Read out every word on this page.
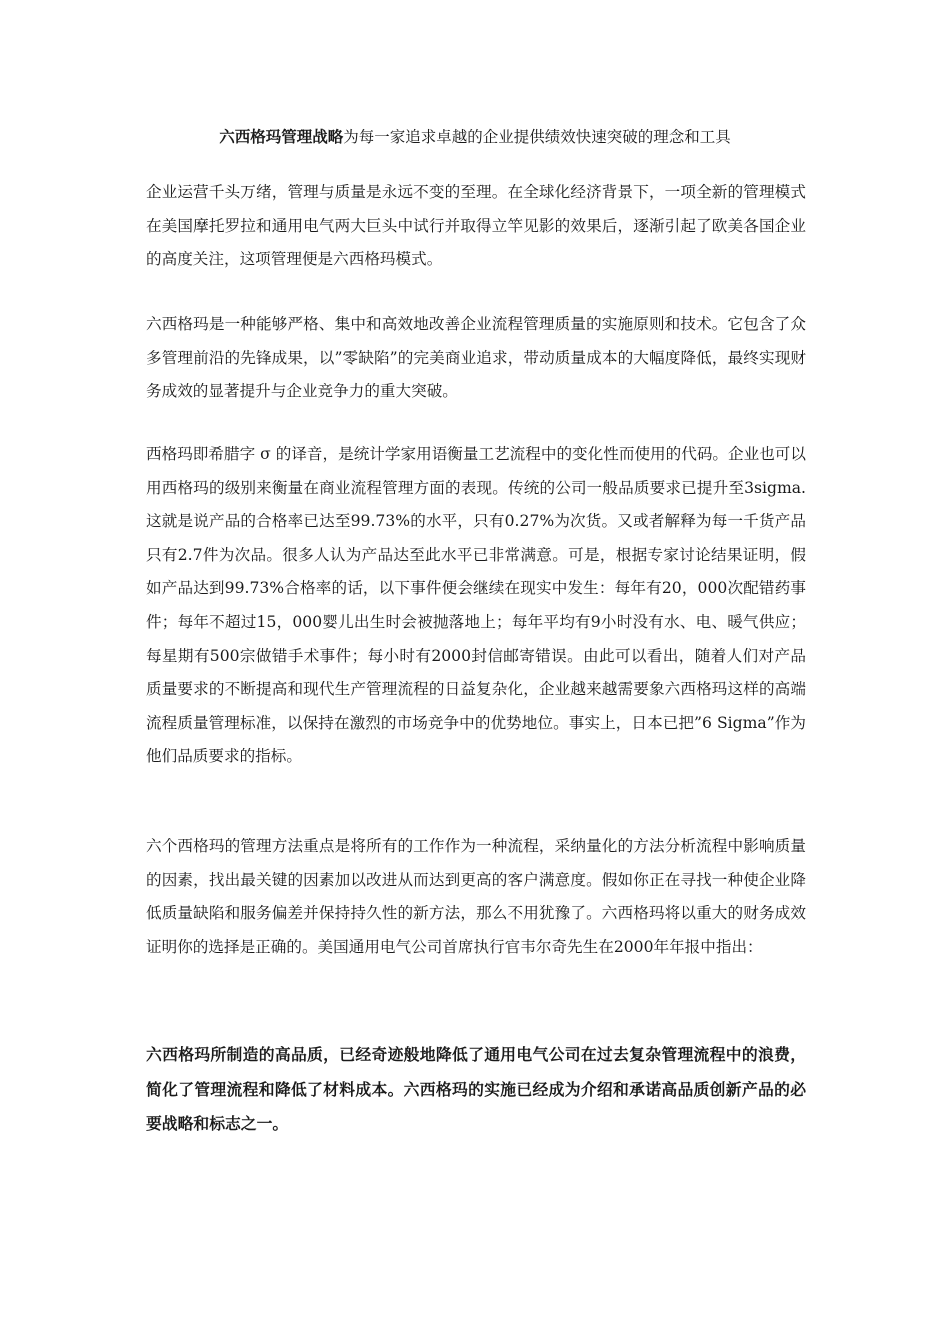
六西格玛管理战略为每一家追求卓越的企业提供绩效快速突破的理念和工具

企业运营千头万绪，管理与质量是永远不变的至理。在全球化经济背景下，一项全新的管理模式在美国摩托罗拉和通用电气两大巨头中试行并取得立竿见影的效果后，逐渐引起了欧美各国企业的高度关注，这项管理便是六西格玛模式。

六西格玛是一种能够严格、集中和高效地改善企业流程管理质量的实施原则和技术。它包含了众多管理前沿的先锋成果，以”零缺陷”的完美商业追求，带动质量成本的大幅度降低，最终实现财务成效的显著提升与企业竞争力的重大突破。

西格玛即希腊字 σ 的译音，是统计学家用语衡量工艺流程中的变化性而使用的代码。企业也可以用西格玛的级别来衡量在商业流程管理方面的表现。传统的公司一般品质要求已提升至3sigma.这就是说产品的合格率已达至99.73%的水平，只有0.27%为次货。又或者解释为每一千货产品只有2.7件为次品。很多人认为产品达至此水平已非常满意。可是，根据专家讨论结果证明，假如产品达到99.73%合格率的话，以下事件便会继续在现实中发生：每年有20，000次配错药事件；每年不超过15，000婴儿出生时会被抛落地上；每年平均有9小时没有水、电、暖气供应；每星期有500宗做错手术事件；每小时有2000封信邮寄错误。由此可以看出，随着人们对产品质量要求的不断提高和现代生产管理流程的日益复杂化，企业越来越需要象六西格玛这样的高端流程质量管理标准，以保持在激烈的市场竞争中的优势地位。事实上，日本已把”6 Sigma”作为他们品质要求的指标。

六个西格玛的管理方法重点是将所有的工作作为一种流程，采纳量化的方法分析流程中影响质量的因素，找出最关键的因素加以改进从而达到更高的客户满意度。假如你正在寻找一种使企业降低质量缺陷和服务偏差并保持持久性的新方法，那么不用犹豫了。六西格玛将以重大的财务成效证明你的选择是正确的。美国通用电气公司首席执行官韦尔奇先生在2000年年报中指出：

六西格玛所制造的高品质，已经奇迹般地降低了通用电气公司在过去复杂管理流程中的浪费，简化了管理流程和降低了材料成本。六西格玛的实施已经成为介绍和承诺高品质创新产品的必要战略和标志之一。
